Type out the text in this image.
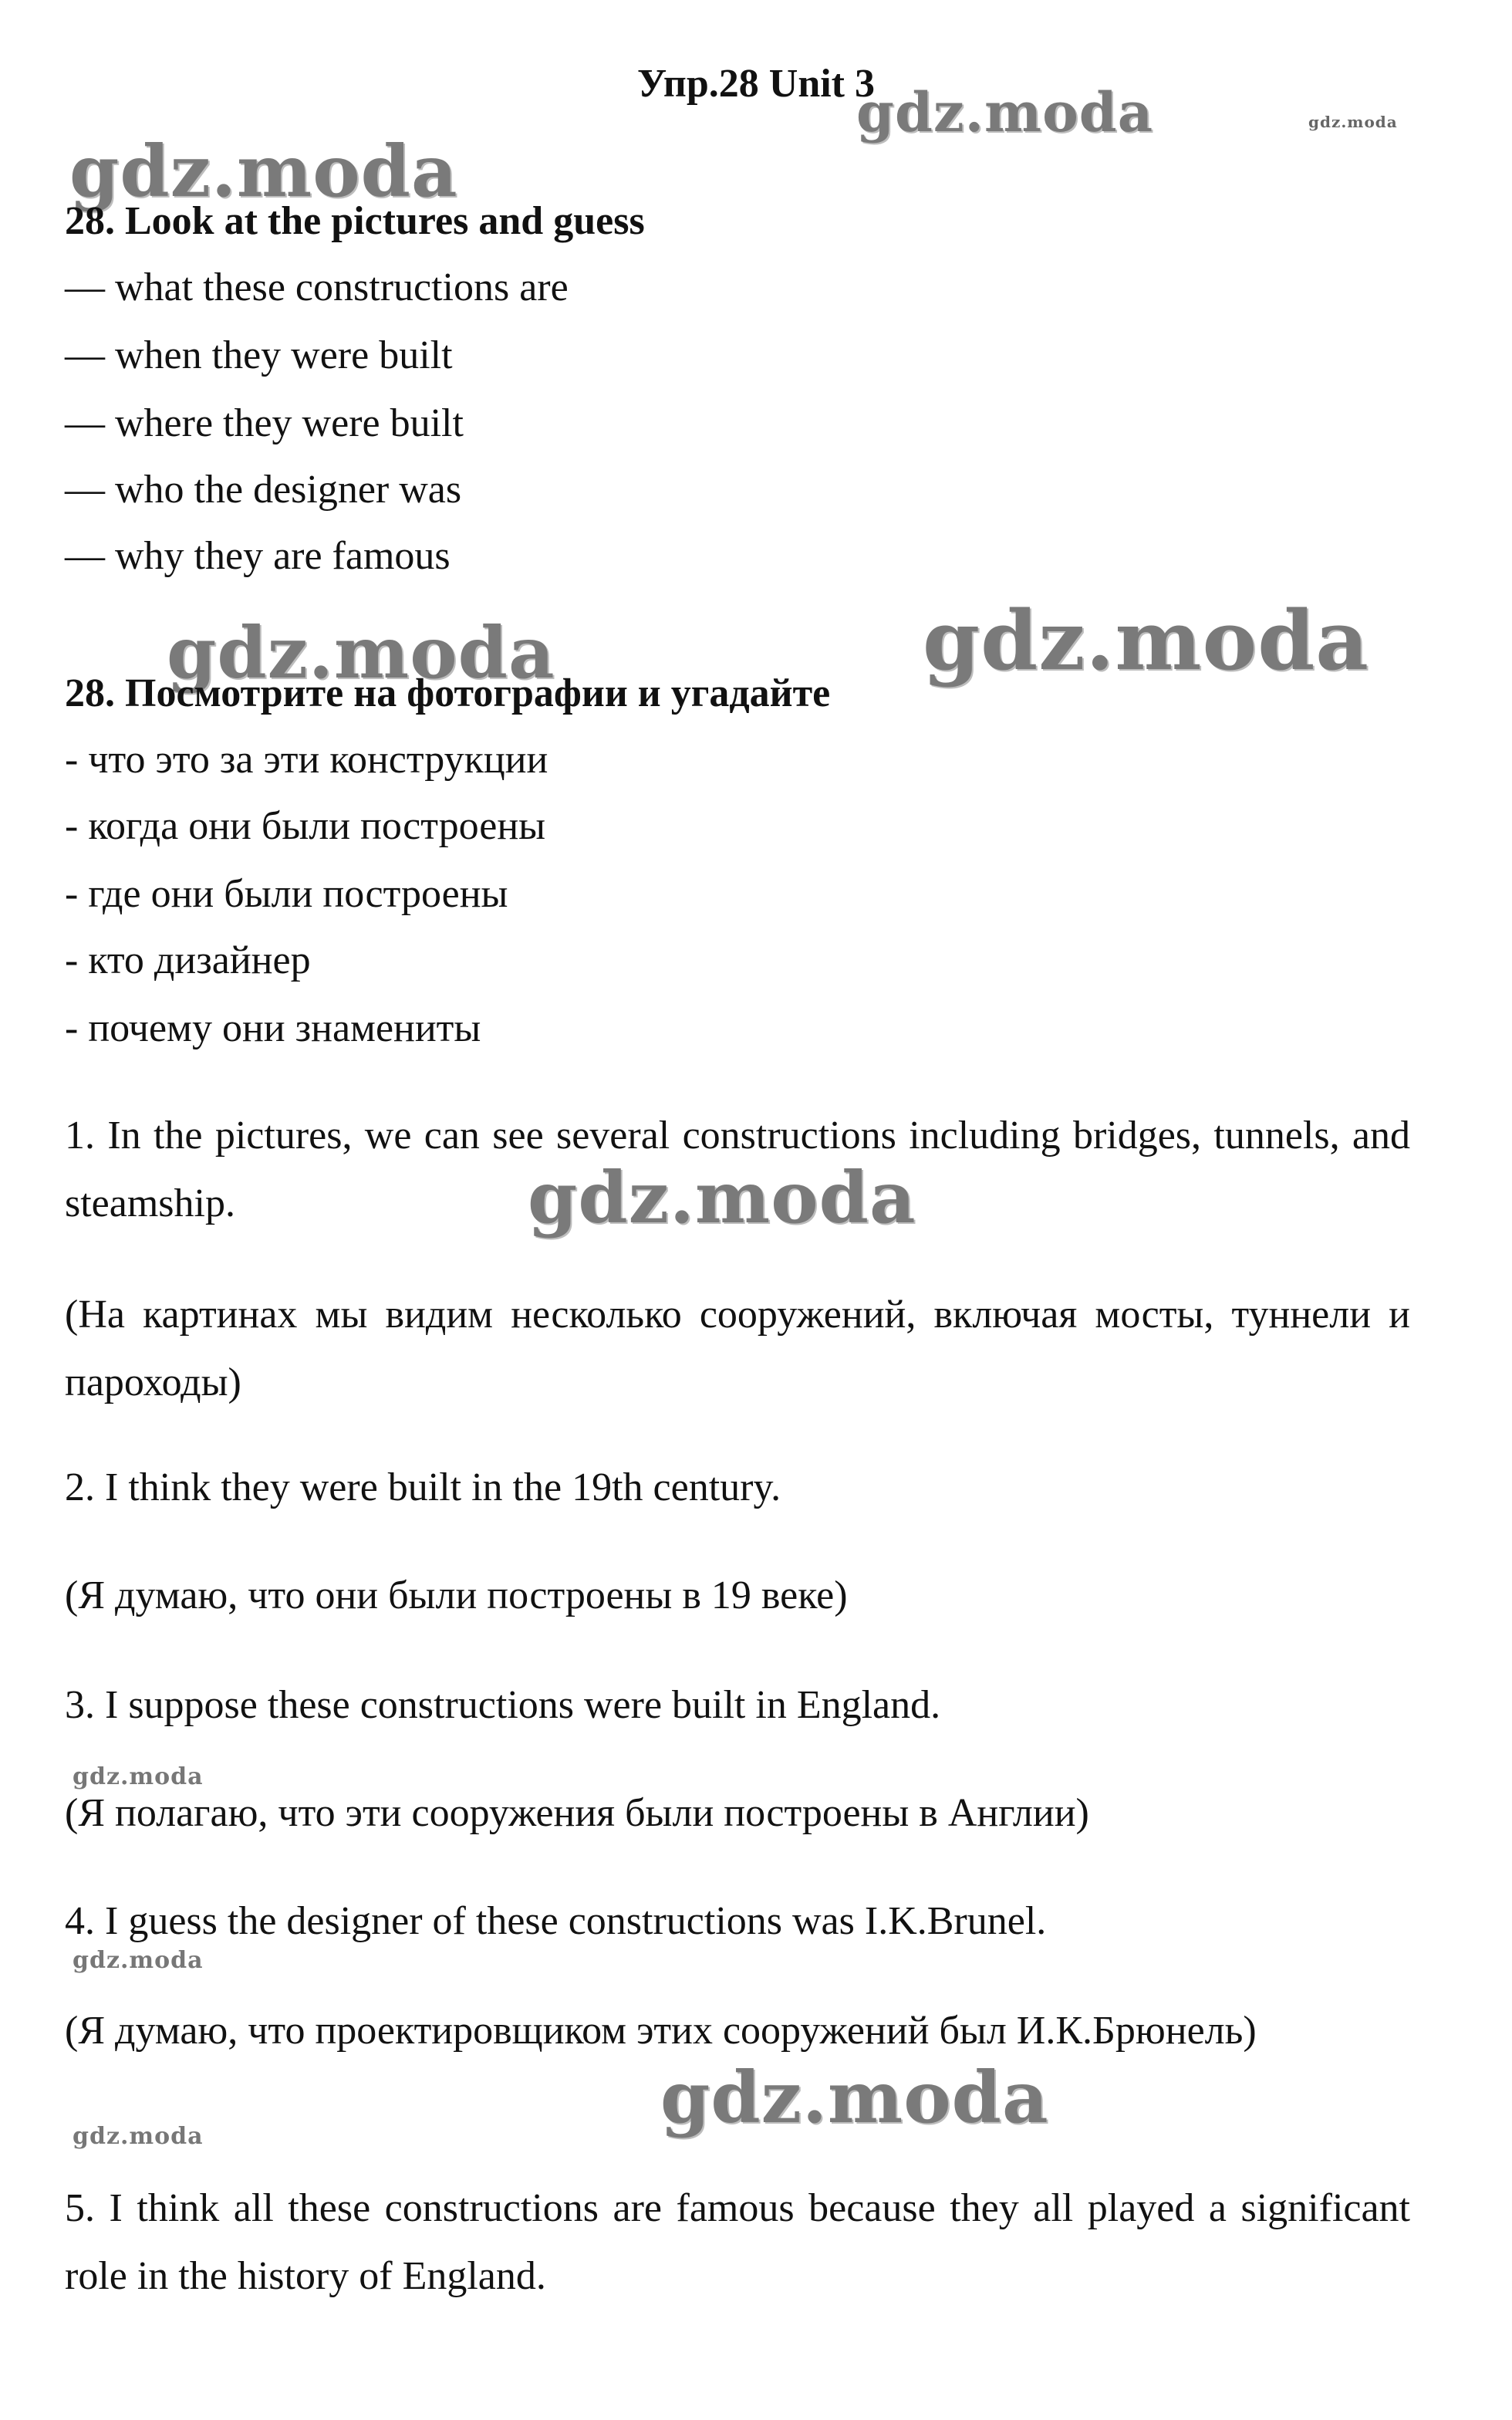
Упр.28 Unit 3
gdz.moda	gdz.moda
gdz.moda
gdz.moda	gdz.moda
gdz.moda
gdz.moda
gdz.moda
gdz.moda
gdz.moda
28. Look at the pictures and guess
— what these constructions are
— when they were built
— where they were built
— who the designer was
— why they are famous
28. Посмотрите на фотографии и угадайте
- что это за эти конструкции
- когда они были построены
- где они были построены
- кто дизайнер
- почему они знамениты
1. In the pictures, we can see several constructions including bridges, tunnels, and steamship.
(На картинах мы видим несколько сооружений, включая мосты, туннели и пароходы)
2. I think they were built in the 19th century.
(Я думаю, что они были построены в 19 веке)
3. I suppose these constructions were built in England.
(Я полагаю, что эти сооружения были построены в Англии)
4. I guess the designer of these constructions was I.K.Brunel.
(Я думаю, что проектировщиком этих сооружений был И.К.Брюнель)
5. I think all these constructions are famous because they all played a significant role in the history of England.
